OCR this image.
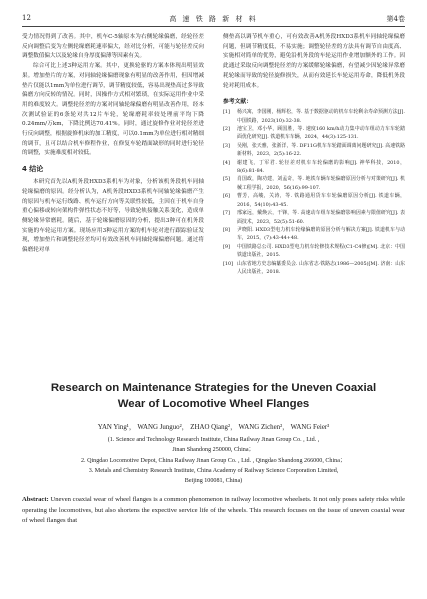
12	高 速 铁 路 新 材 料	第4卷

受力情况得到了改善。其中，机车C-5轴原本为右侧轮缘偏磨，经轮径差反向调整后变为左侧轮缘磨耗速率偏大，经对比分析，可能与轮径差反向调整数值偏大以及轮缘自身厚度偏薄等因素有关。

综合可比上述3种运用方案。其中，更换轮驱的方案本体现出明显效果。增加垫片的方案，对同轴轮缘偏磨现象有明显的改善作用，但因增减垫片仅能以1mm为单位进行调节，调节精度较低，容易出现垫高过多导致偏磨方向反转的情况。同时，因操作方式相对繁琐，在实际运用作业中采用的难度较大。调整轮径差的方案对同轴轮缘偏磨有明显改善作用，经本次测试验证的6条轮对共12片车轮，轮缘磨耗率较处理前平均下降0.24mm/万km，下降比例达70.41%。同时，通过旋修作业对轮径差进行反向调整，根据旋修机床的加工精度，可以0.1mm为单位进行相对精细的调节，且可以结合机车修程作业，在修复车轮踏面缺形的同时进行轮径的调整，实施难度相对较低。

4 结论

本研究首先以A机务段HXD3系机车为对象，分析该机务段机车同轴轮缘偏磨的原因。经分析认为，A机务段HXD3系机车同轴轮缘偏磨产生的原因与机车运行线路、机车运行方向等关联性较低，主因在于机车自身重心偏移或转向架构件弹性状态不好等，导致轮轨接触关系变化，造成单侧轮缘异常磨耗。随后，基于轮缘偏磨原因的分析，提出3种可在机务段实施的车轮运用方案。现场应用3种运用方案的机车轮对进行跟踪验证发现，增加垫片和调整轮径差均可有效改善机车同轴轮缘偏磨问题。通过将偏磨轮对单

侧垫高以调节机车重心，可有效改善A机务段HXD3系机车同轴轮缘偏磨问题，但调节精度低，不易实施；调整轮径差的方法具有调节自由度高、实施相对简单的优势，避免沿机务段的车轮运用作业增加额外的工作。因此通过采取反向调整轮径差的方案缓解轮缘偏磨，有望减少因轮缘异常磨耗轮缘而导致的轮径旋修损失，从而有效延长车轮运用寿命，降低机务段轮对耗用成本。

参考文献：
[1]	杨兴寓，李国刚，杨辉松，等. 基于数据驱动的机车车轮剩余寿命预测方法[J]. 中国铁路，2023(10):32-38.
[2]	池宝卫，邓小华，顾国胜，等. 速度160 km/h动力集中动车组动力车车轮踏面优化研究[J]. 铁道机车车辆，2024，44(3):125-131.
[3]	吴刚，张天雅，张浙洋，等. DF11G机车车轮踏面调离问题研究[J]. 高速铁路新材料，2023，2(5):16-22.
[4]	谢建飞，丁军君. 轮径差对机车车轮偏磨的影响[J]. 神华科技，2010，8(6):81-84.
[5]	肖国政，陶功建，刘孟奇，等. 地铁车辆车轮偏磨原因分析与对策研究[J]. 机械工程学报，2020，56(16):99-107.
[6]	曹芳，高峻，关涛，等. 铁路通用货车车轮偏磨原因分析[J]. 铁道车辆，2016，54(10):43-45.
[7]	邢家远，戴焕云，干锋，等. 高速动车组车轮偏磨影响因素与限值研究[J]. 表面技术，2023，52(5):51-60.
[8]	尹晓阳. HXD3型电力机车轮缘偏磨的原因分析与解决方案[J]. 铁道机车与动车，2015，(7):43-44+48.
[9]	中国铁路总公司. HXD3型电力机车轮修技术规程(C1-C4修)[M]. 北京：中国铁道出版社，2015.
[10] 山东省地方史志编纂委员会. 山东省志·铁路志(1986—2005)[M]. 济南：山东人民出版社，2018.
Research on Maintenance Strategies for the Uneven Coaxial
Wear of Locomotive Wheel Flanges
YAN Ying¹， WANG Junguo²， ZHAO Qiang²， WANG Zichen²， WANG Feier³
(1. Science and Technology Research Institute, China Railway Jinan Group Co. , Ltd. ,
Jinan Shandong 250000, China；
2. Qingdao Locomotive Depot, China Railway Jinan Group Co. , Ltd. , Qingdao Shandong 266000, China；
3. Metals and Chemistry Research Institute, China Academy of Railway Science Corporation Limited,
Beijing 100081, China)
Abstract: Uneven coaxial wear of wheel flanges is a common phenomenon in railway locomotive wheelsets. It not only poses safety risks while operating the locomotives, but also shortens the expective service life of the wheels. This research focuses on the issue of uneven coaxial wear of wheel flanges that
